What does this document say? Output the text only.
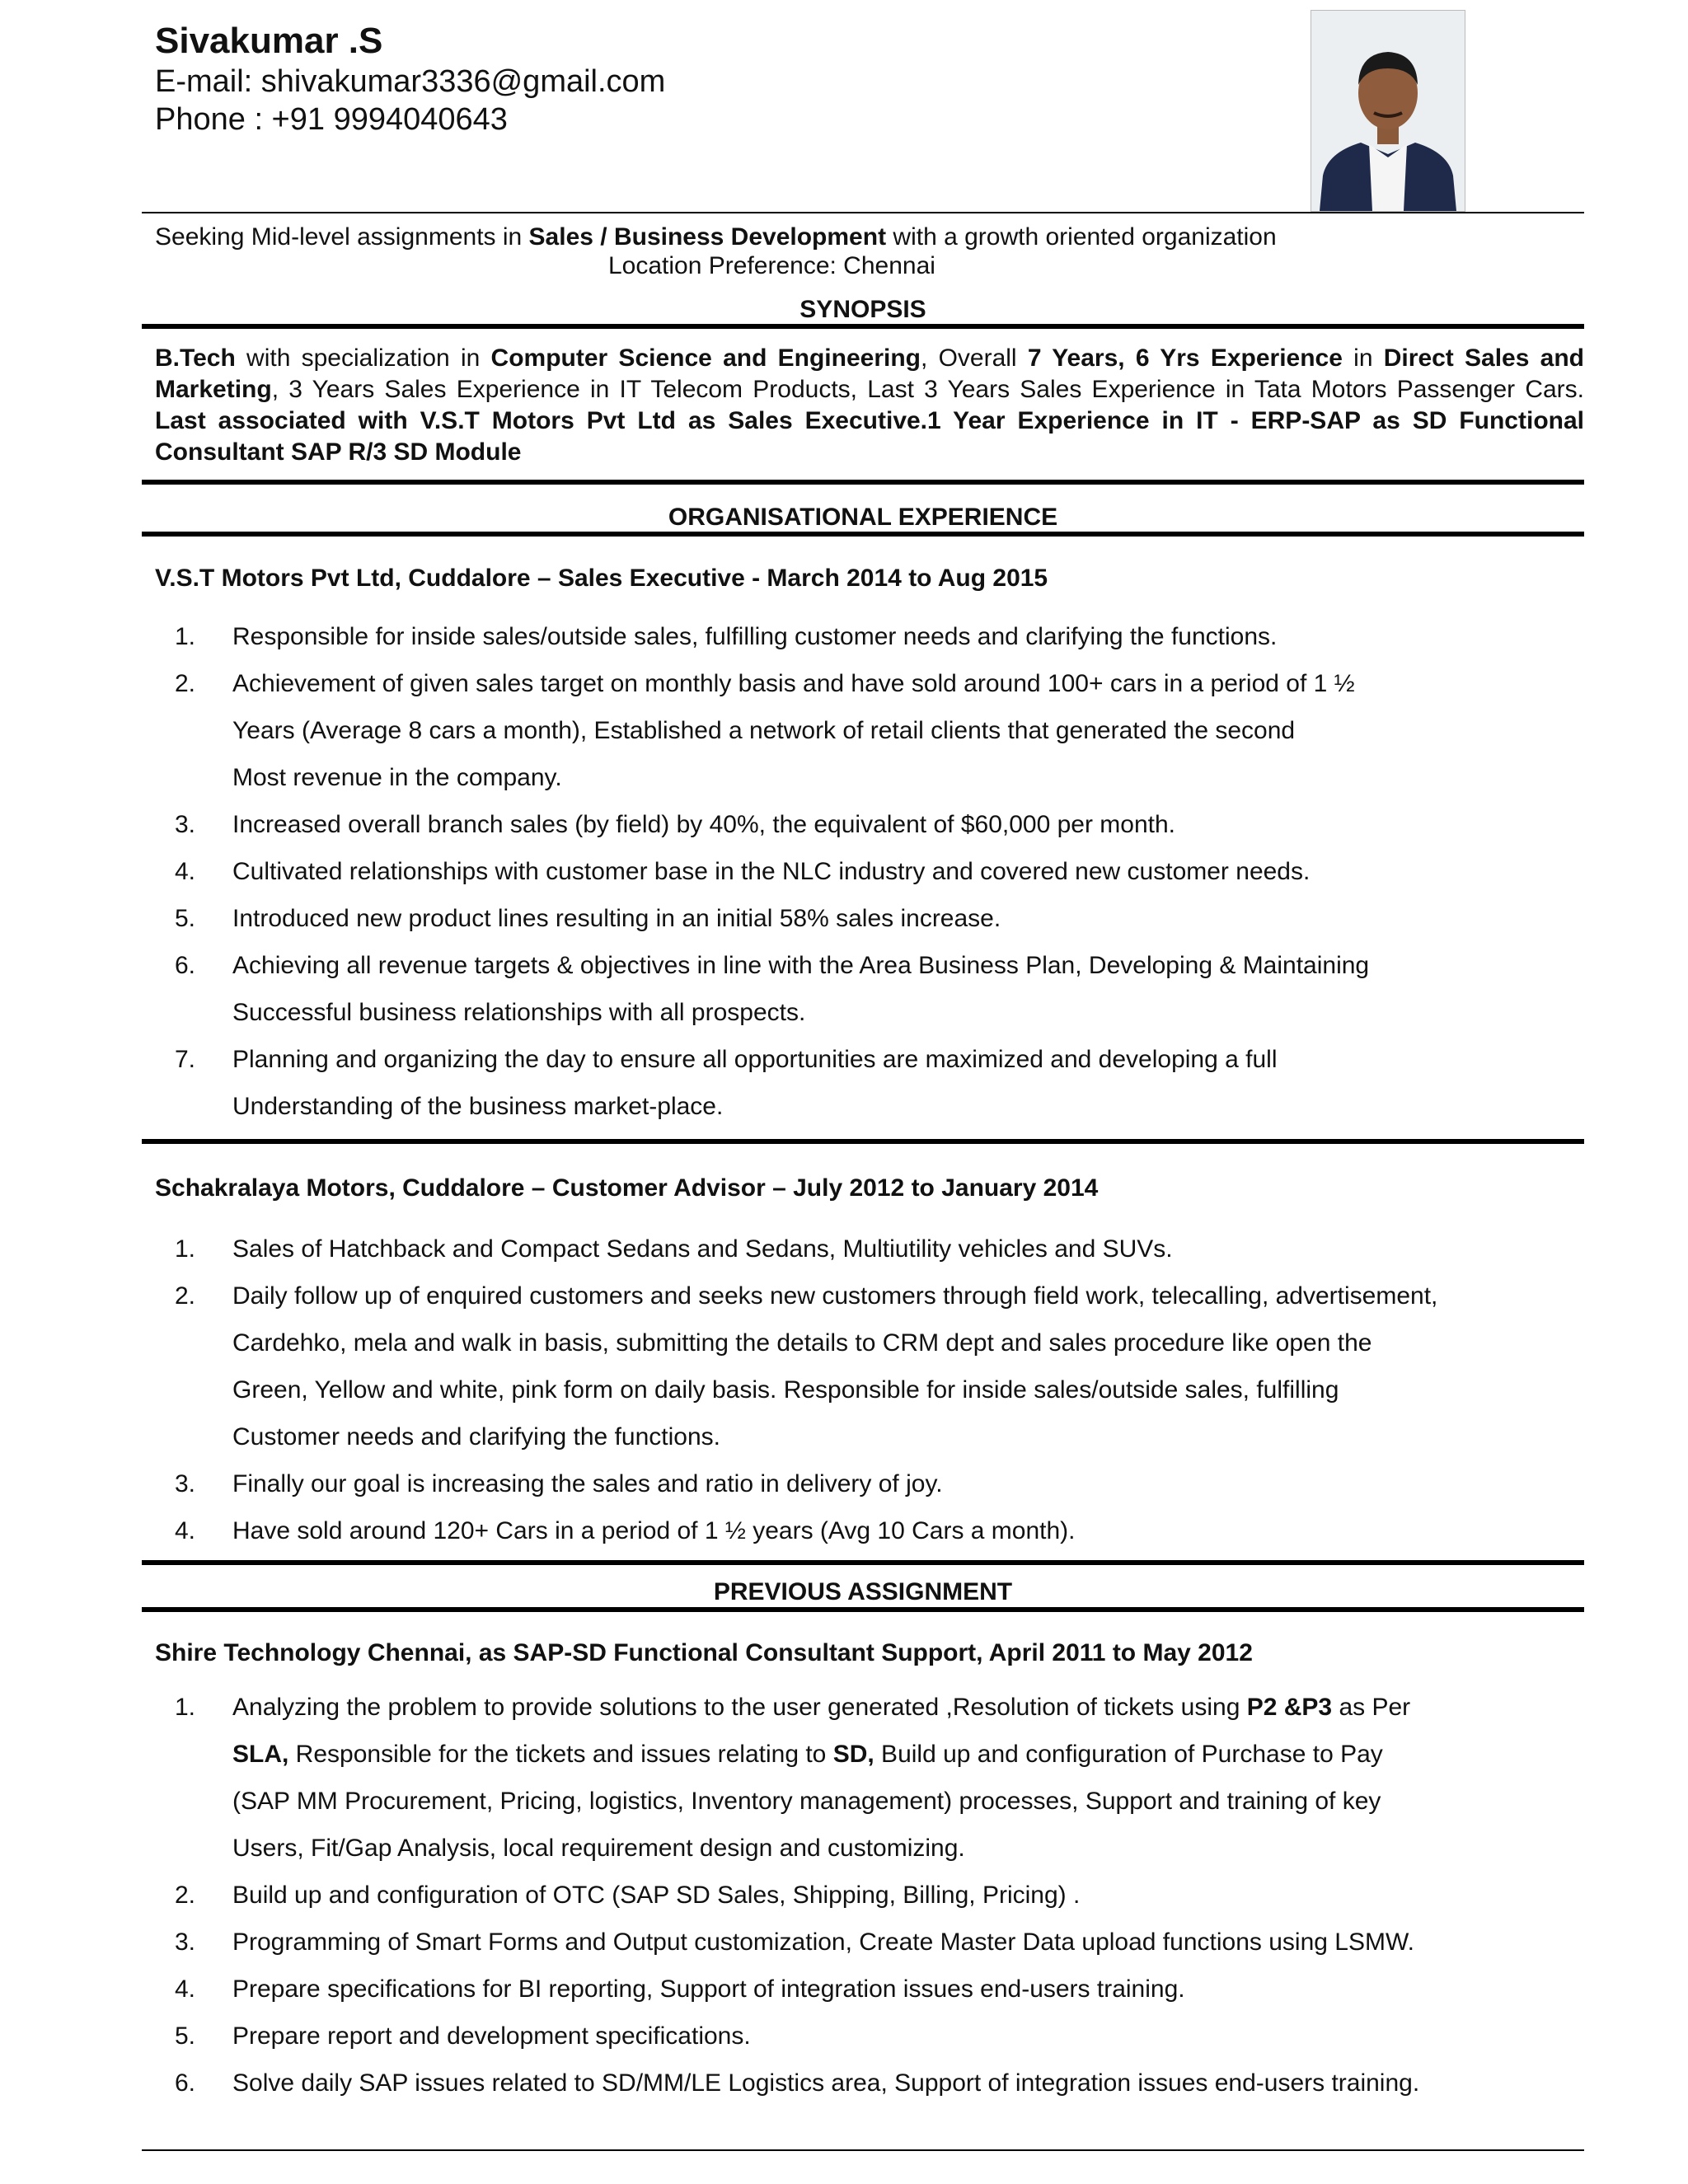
Sivakumar .S
E-mail: shivakumar3336@gmail.com
Phone : +91 9994040643
Seeking Mid-level assignments in Sales / Business Development with a growth oriented organization
Location Preference: Chennai
SYNOPSIS

B.Tech with specialization in Computer Science and Engineering, Overall 7 Years, 6 Yrs Experience in Direct Sales and Marketing, 3 Years Sales Experience in IT Telecom Products, Last 3 Years Sales Experience in Tata Motors Passenger Cars. Last associated with V.S.T Motors Pvt Ltd as Sales Executive.1 Year Experience in IT - ERP-SAP as SD Functional Consultant SAP R/3 SD Module

ORGANISATIONAL EXPERIENCE
V.S.T Motors Pvt Ltd, Cuddalore – Sales Executive - March 2014 to Aug 2015
1. Responsible for inside sales/outside sales, fulfilling customer needs and clarifying the functions.
2. Achievement of given sales target on monthly basis and have sold around 100+ cars in a period of 1 ½
Years (Average 8 cars a month), Established a network of retail clients that generated the second
Most revenue in the company.
3. Increased overall branch sales (by field) by 40%, the equivalent of $60,000 per month.
4. Cultivated relationships with customer base in the NLC industry and covered new customer needs.
5. Introduced new product lines resulting in an initial 58% sales increase.
6. Achieving all revenue targets & objectives in line with the Area Business Plan, Developing & Maintaining
Successful business relationships with all prospects.
7. Planning and organizing the day to ensure all opportunities are maximized and developing a full
Understanding of the business market-place.
Schakralaya Motors, Cuddalore – Customer Advisor – July 2012 to January 2014
1. Sales of Hatchback and Compact Sedans and Sedans, Multiutility vehicles and SUVs.
2. Daily follow up of enquired customers and seeks new customers through field work, telecalling, advertisement,
Cardehko, mela and walk in basis, submitting the details to CRM dept and sales procedure like open the
Green, Yellow and white, pink form on daily basis. Responsible for inside sales/outside sales, fulfilling
Customer needs and clarifying the functions.
3. Finally our goal is increasing the sales and ratio in delivery of joy.
4. Have sold around 120+ Cars in a period of 1 ½ years (Avg 10 Cars a month).
PREVIOUS ASSIGNMENT
Shire Technology Chennai, as SAP-SD Functional Consultant Support, April 2011 to May 2012
1. Analyzing the problem to provide solutions to the user generated ,Resolution of tickets using P2 &P3 as Per
SLA, Responsible for the tickets and issues relating to SD, Build up and configuration of Purchase to Pay
(SAP MM Procurement, Pricing, logistics, Inventory management) processes, Support and training of key
Users, Fit/Gap Analysis, local requirement design and customizing.
2. Build up and configuration of OTC (SAP SD Sales, Shipping, Billing, Pricing) .
3. Programming of Smart Forms and Output customization, Create Master Data upload functions using LSMW.
4. Prepare specifications for BI reporting, Support of integration issues end-users training.
5. Prepare report and development specifications.
6. Solve daily SAP issues related to SD/MM/LE Logistics area, Support of integration issues end-users training.
